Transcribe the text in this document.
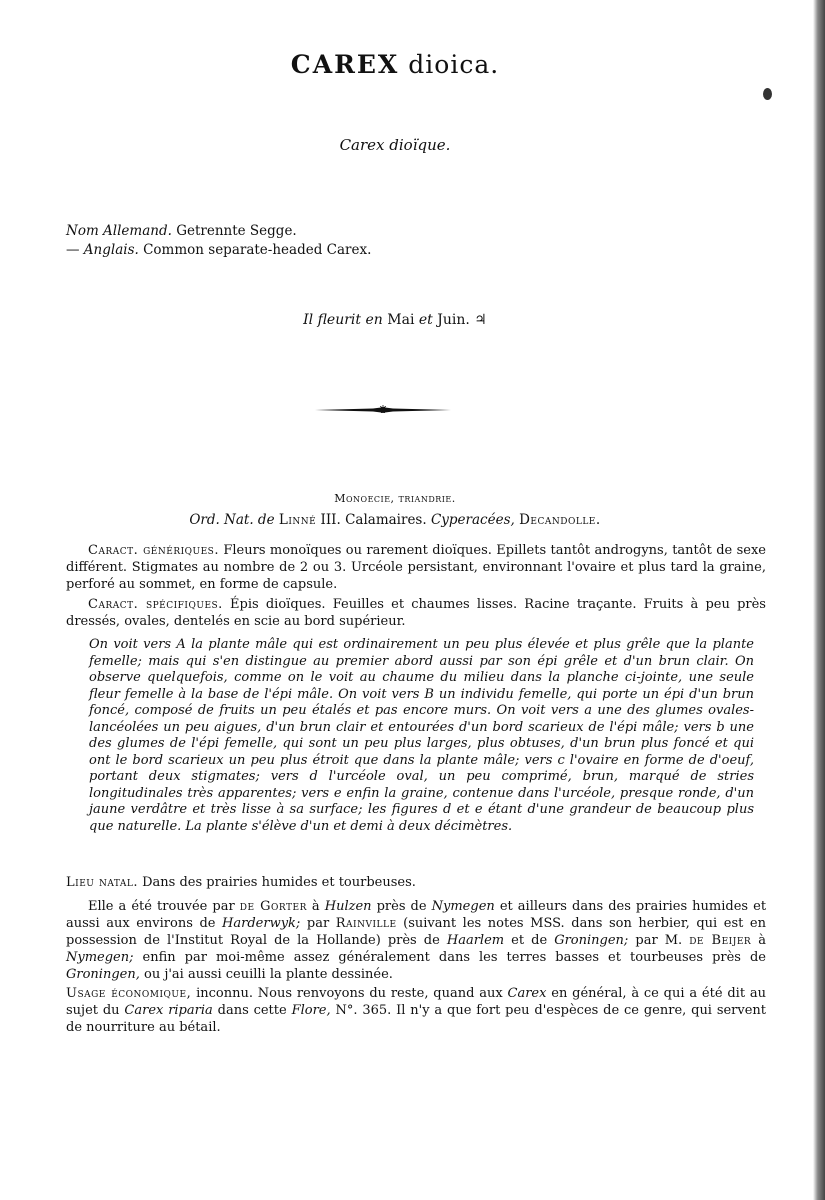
CAREX dioica.
Carex dioïque.
Nom Allemand. Getrennte Segge.
— Anglais. Common separate-headed Carex.
Il fleurit en Mai et Juin. ♃
*
Monoecie, triandrie.
Ord. Nat. de Linné III. Calamaires. Cyperacées, Decandolle.
Caract. génériques. Fleurs monoïques ou rarement dioïques. Epillets tantôt androgyns, tantôt de sexe différent. Stigmates au nombre de 2 ou 3. Urcéole persistant, environnant l'ovaire et plus tard la graine, perforé au sommet, en forme de capsule.
Caract. spécifiques. Épis dioïques. Feuilles et chaumes lisses. Racine traçante. Fruits à peu près dressés, ovales, dentelés en scie au bord supérieur.
On voit vers A la plante mâle qui est ordinairement un peu plus élevée et plus grêle que la plante femelle; mais qui s'en distingue au premier abord aussi par son épi grêle et d'un brun clair. On observe quelquefois, comme on le voit au chaume du milieu dans la planche ci-jointe, une seule fleur femelle à la base de l'épi mâle. On voit vers B un individu femelle, qui porte un épi d'un brun foncé, composé de fruits un peu étalés et pas encore murs. On voit vers a une des glumes ovales-lancéolées un peu aigues, d'un brun clair et entourées d'un bord scarieux de l'épi mâle; vers b une des glumes de l'épi femelle, qui sont un peu plus larges, plus obtuses, d'un brun plus foncé et qui ont le bord scarieux un peu plus étroit que dans la plante mâle; vers c l'ovaire en forme de d'oeuf, portant deux stigmates; vers d l'urcéole oval, un peu comprimé, brun, marqué de stries longitudinales très apparentes; vers e enfin la graine, contenue dans l'urcéole, presque ronde, d'un jaune verdâtre et très lisse à sa surface; les figures d et e étant d'une grandeur de beaucoup plus que naturelle. La plante s'élève d'un et demi à deux décimètres.
Lieu natal. Dans des prairies humides et tourbeuses.
Elle a été trouvée par de Gorter à Hulzen près de Nymegen et ailleurs dans des prairies humides et aussi aux environs de Harderwyk; par Rainville (suivant les notes MSS. dans son herbier, qui est en possession de l'Institut Royal de la Hollande) près de Haarlem et de Groningen; par M. de Beijer à Nymegen; enfin par moi-même assez généralement dans les terres basses et tourbeuses près de Groningen, ou j'ai aussi ceuilli la plante dessinée.
Usage économique, inconnu. Nous renvoyons du reste, quand aux Carex en général, à ce qui a été dit au sujet du Carex riparia dans cette Flore, N°. 365. Il n'y a que fort peu d'espèces de ce genre, qui servent de nourriture au bétail.
